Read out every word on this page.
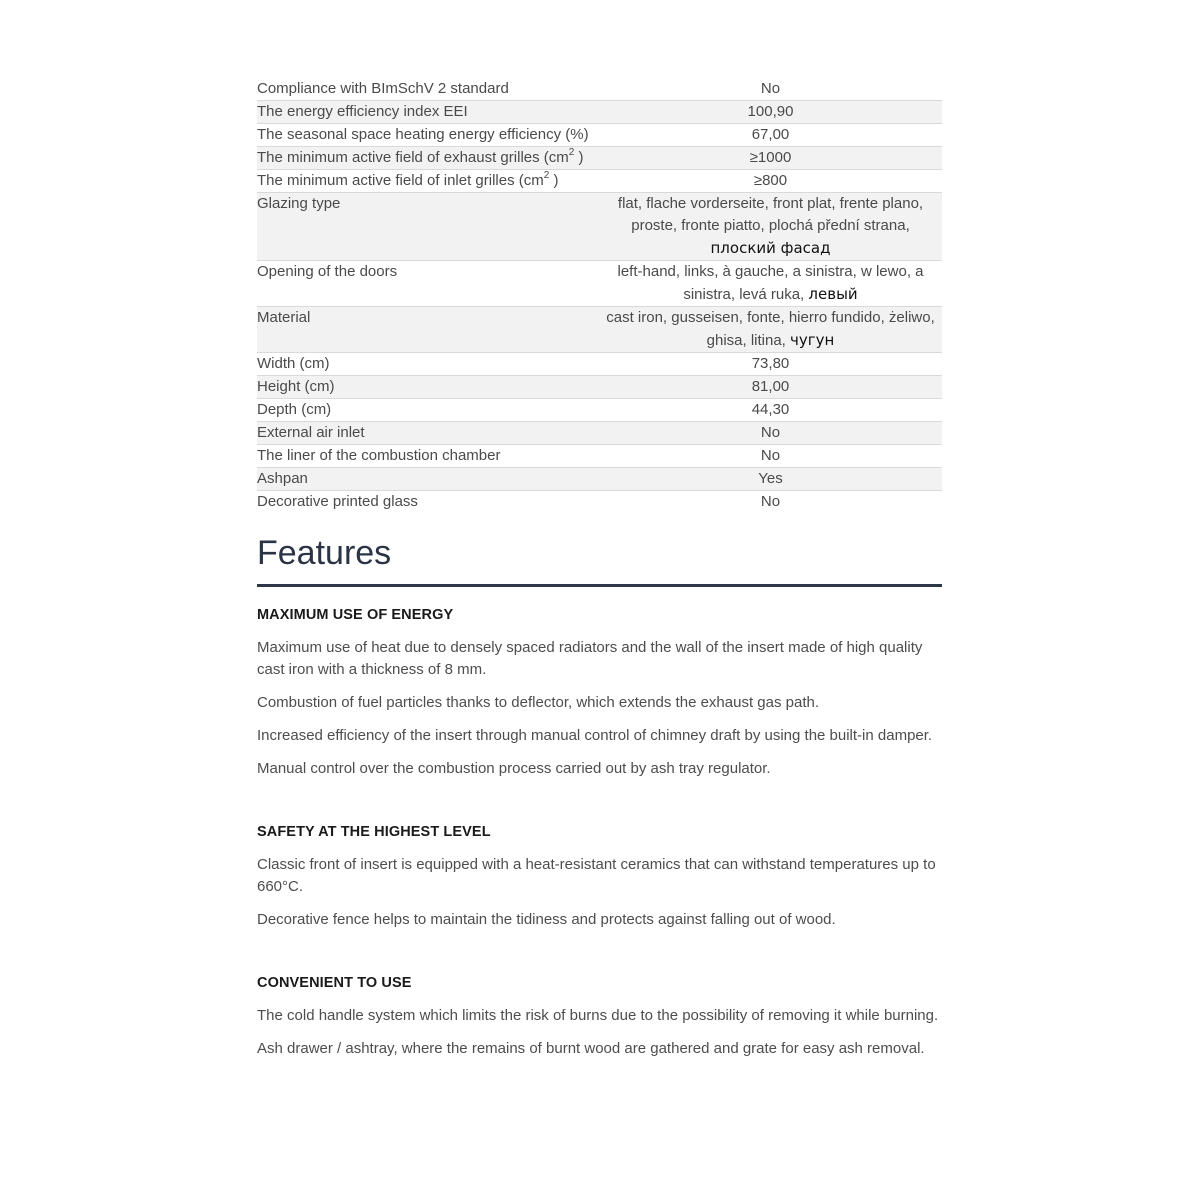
Compliance with BImSchV 2 standard	No

The energy efficiency index EEI	100,90

The seasonal space heating energy efficiency (%)	67,00

The minimum active field of exhaust grilles ($cm^2$ )	≥1000

The minimum active field of inlet grilles ($cm^2$ )	≥800

Glazing type	flat, flache vorderseite, front plat, frente plano, proste, fronte piatto, plochá přední strana,
плоский фасад

Opening of the doors	left-hand, links, à gauche, a sinistra, w lewo, a sinistra, levá ruka, левый

Material	cast iron, gusseisen, fonte, hierro fundido, żeliwo, ghisa, litina, чугун

Width (cm)	73,80

Height (cm)	81,00

Depth (cm)	44,30

External air inlet	No

The liner of the combustion chamber	No

Ashpan	Yes

Decorative printed glass	No
Features
MAXIMUM USE OF ENERGY

Maximum use of heat due to densely spaced radiators and the wall of the insert made of high quality cast iron with a thickness of 8 mm.

Combustion of fuel particles thanks to deflector, which extends the exhaust gas path.

Increased efficiency of the insert through manual control of chimney draft by using the built-in damper.

Manual control over the combustion process carried out by ash tray regulator.

SAFETY AT THE HIGHEST LEVEL

Classic front of insert is equipped with a heat-resistant ceramics that can withstand temperatures up to 660°C.

Decorative fence helps to maintain the tidiness and protects against falling out of wood.

CONVENIENT TO USE

The cold handle system which limits the risk of burns due to the possibility of removing it while burning.

Ash drawer / ashtray, where the remains of burnt wood are gathered and grate for easy ash removal.
